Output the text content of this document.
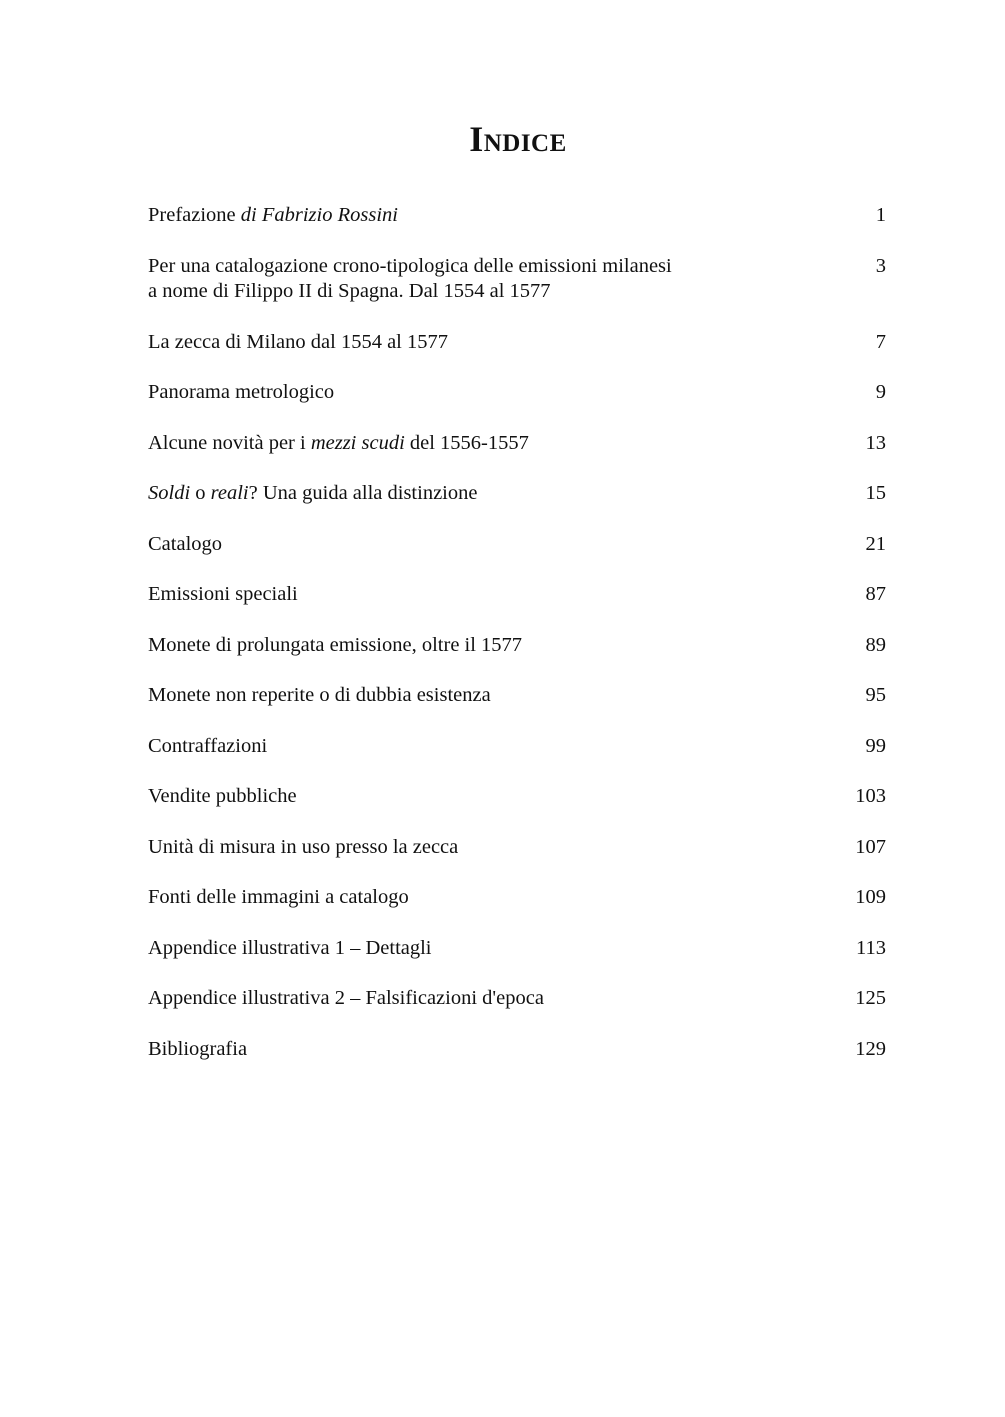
Indice
Prefazione di Fabrizio Rossini	1
Per una catalogazione crono-tipologica delle emissioni milanesi
a nome di Filippo II di Spagna. Dal 1554 al 1577
3
La zecca di Milano dal 1554 al 1577	7
Panorama metrologico	9
Alcune novità per i mezzi scudi del 1556-1557	13
Soldi o reali? Una guida alla distinzione	15
Catalogo	21
Emissioni speciali	87
Monete di prolungata emissione, oltre il 1577	89
Monete non reperite o di dubbia esistenza	95
Contraffazioni	99
Vendite pubbliche	103
Unità di misura in uso presso la zecca	107
Fonti delle immagini a catalogo	109
Appendice illustrativa 1 – Dettagli	113
Appendice illustrativa 2 – Falsificazioni d'epoca	125
Bibliografia	129
